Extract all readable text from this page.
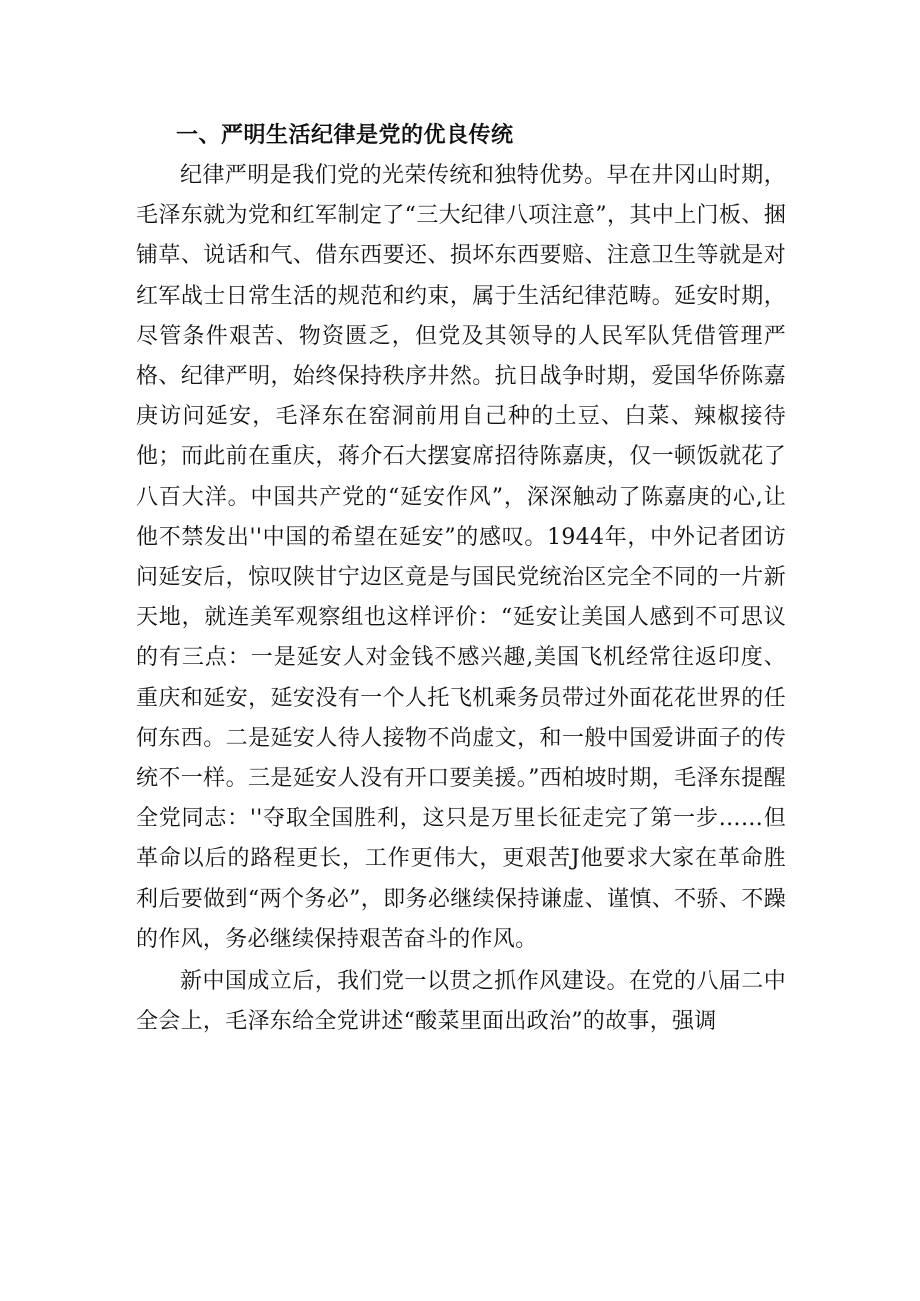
一、严明生活纪律是党的优良传统

纪律严明是我们党的光荣传统和独特优势。早在井冈山时期，毛泽东就为党和红军制定了“三大纪律八项注意”，其中上门板、捆铺草、说话和气、借东西要还、损坏东西要赔、注意卫生等就是对红军战士日常生活的规范和约束，属于生活纪律范畴。延安时期，尽管条件艰苦、物资匮乏，但党及其领导的人民军队凭借管理严格、纪律严明，始终保持秩序井然。抗日战争时期，爱国华侨陈嘉庚访问延安，毛泽东在窑洞前用自己种的土豆、白菜、辣椒接待他；而此前在重庆，蒋介石大摆宴席招待陈嘉庚，仅一顿饭就花了八百大洋。中国共产党的“延安作风”，深深触动了陈嘉庚的心,让他不禁发出''中国的希望在延安”的感叹。1944年，中外记者团访问延安后，惊叹陕甘宁边区竟是与国民党统治区完全不同的一片新天地，就连美军观察组也这样评价：“延安让美国人感到不可思议的有三点：一是延安人对金钱不感兴趣,美国飞机经常往返印度、重庆和延安，延安没有一个人托飞机乘务员带过外面花花世界的任何东西。二是延安人待人接物不尚虚文，和一般中国爱讲面子的传统不一样。三是延安人没有开口要美援。”西柏坡时期，毛泽东提醒全党同志：''夺取全国胜利，这只是万里长征走完了第一步……但革命以后的路程更长，工作更伟大，更艰苦J他要求大家在革命胜利后要做到“两个务必”，即务必继续保持谦虚、谨慎、不骄、不躁的作风，务必继续保持艰苦奋斗的作风。

新中国成立后，我们党一以贯之抓作风建设。在党的八届二中全会上，毛泽东给全党讲述“酸菜里面出政治”的故事，强调
